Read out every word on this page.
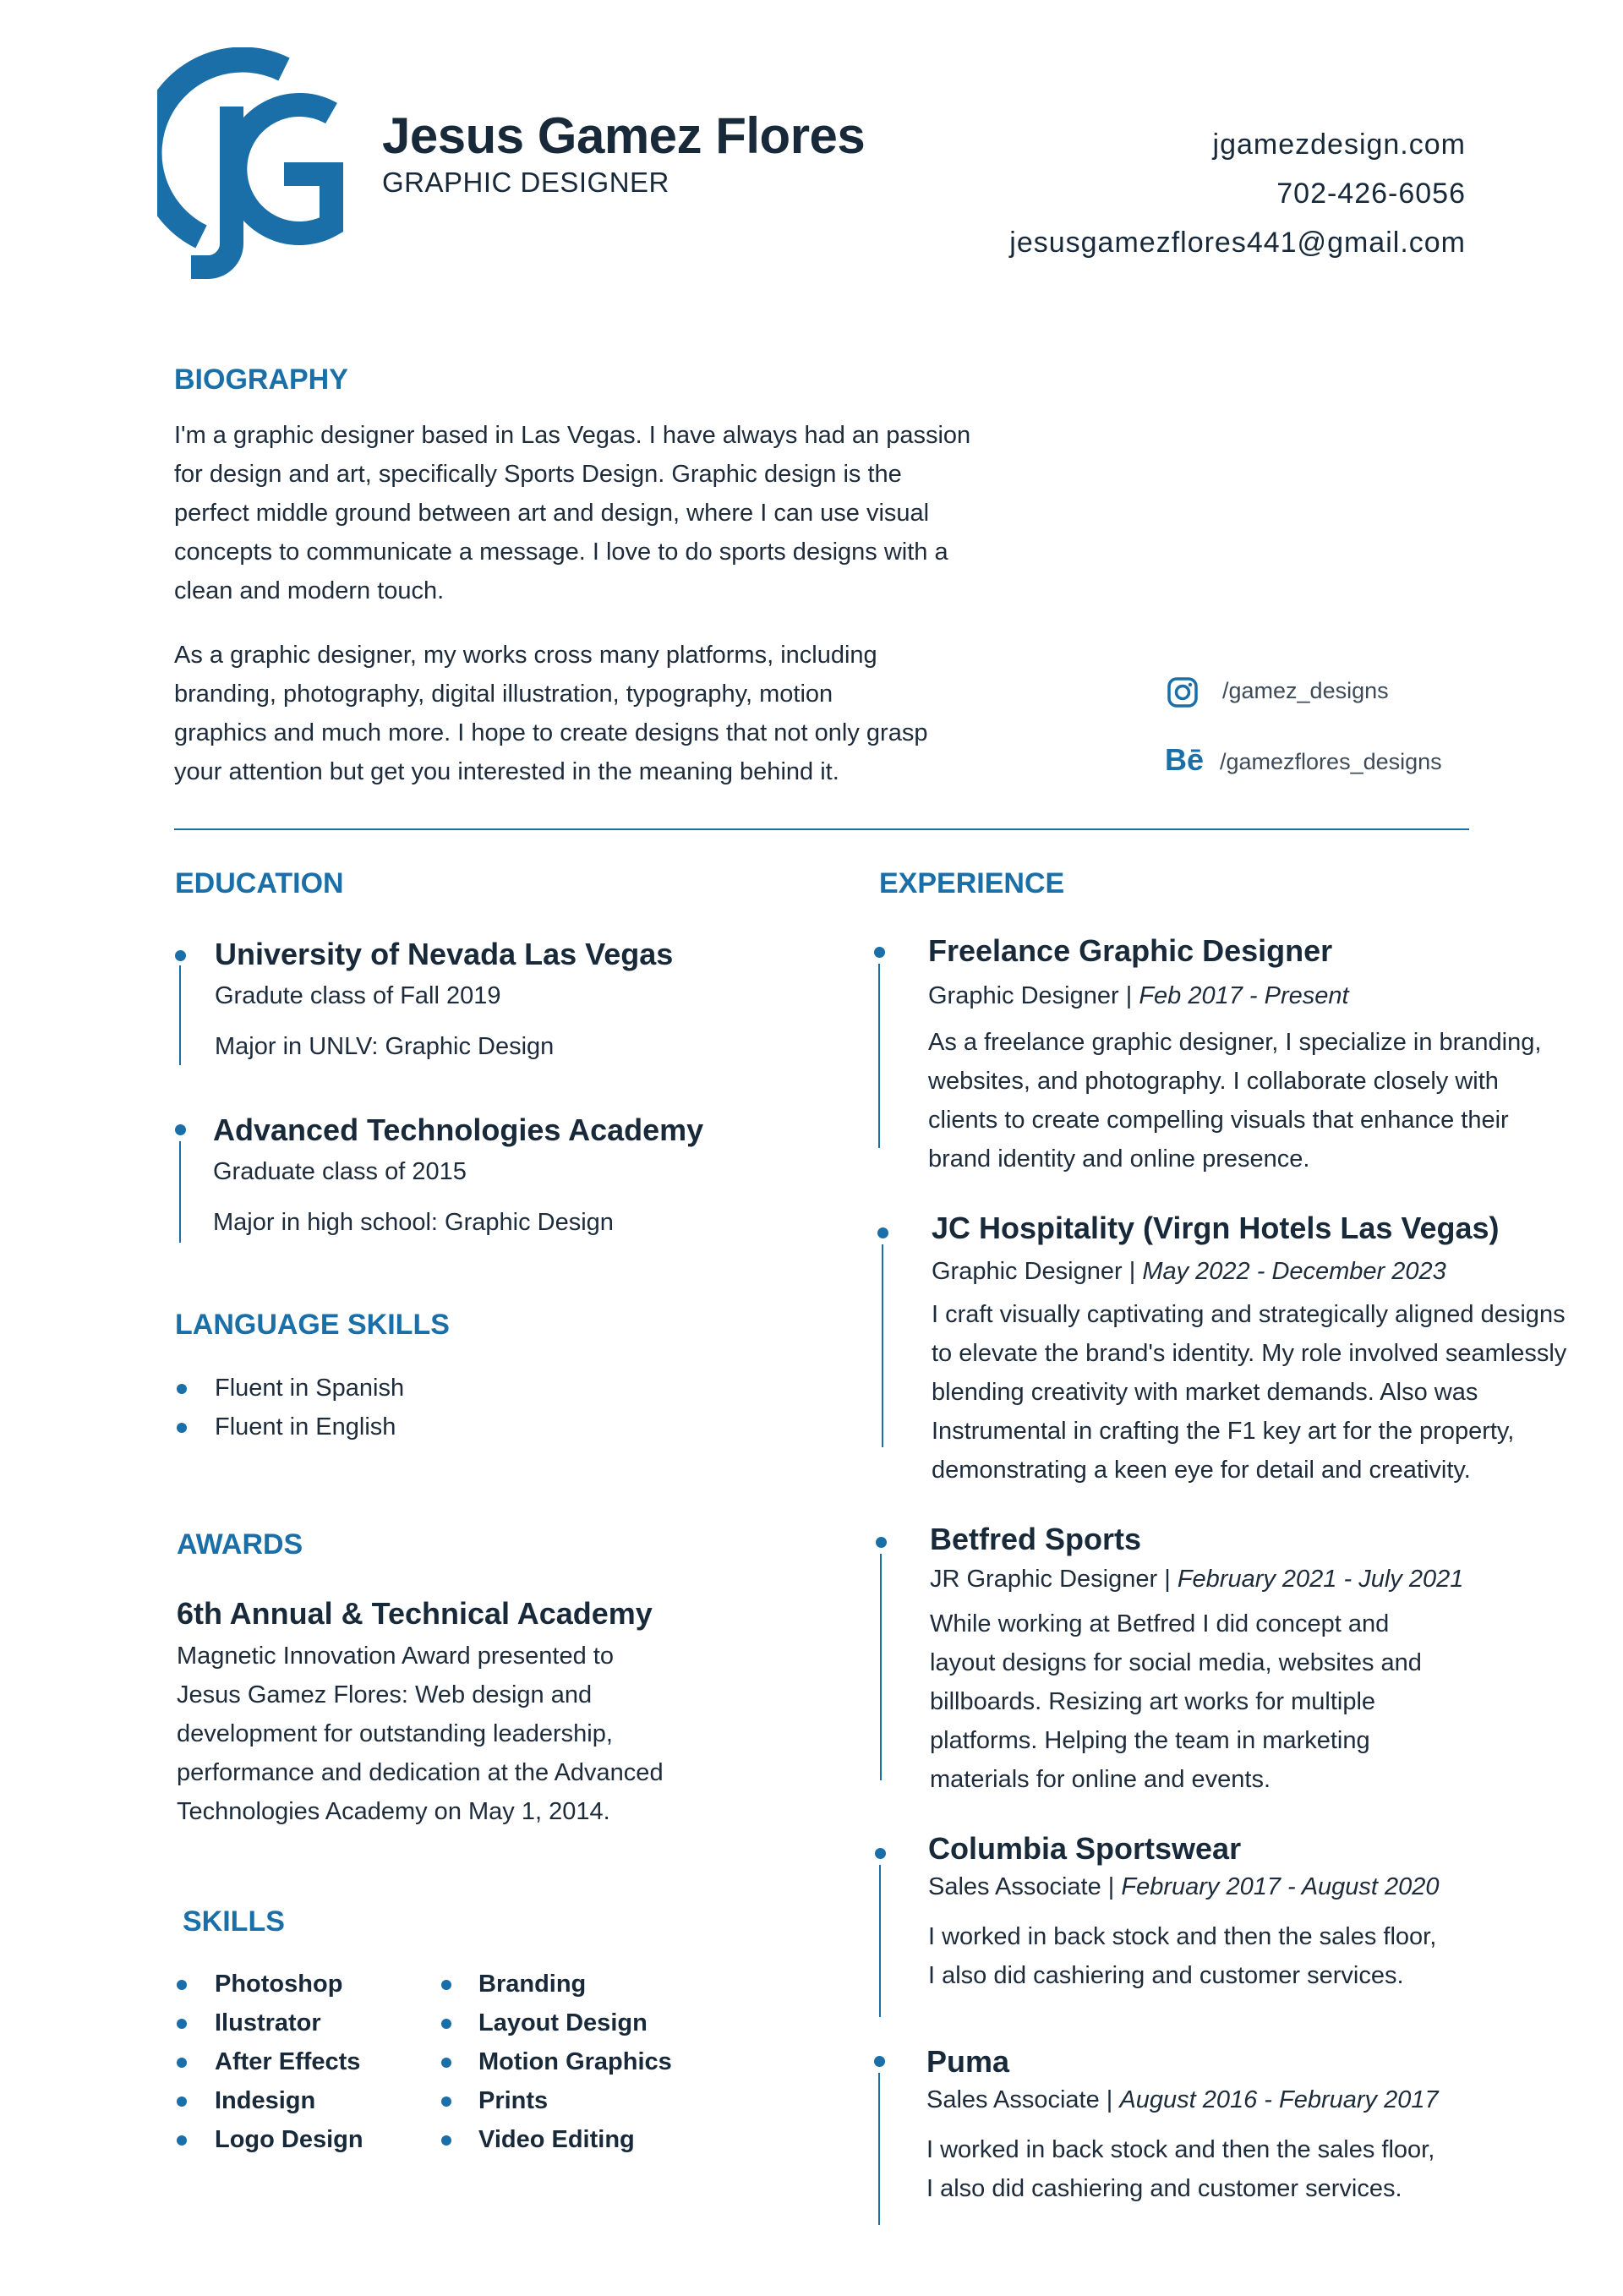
Jesus Gamez Flores
GRAPHIC DESIGNER
jgamezdesign.com
702-426-6056
jesusgamezflores441@gmail.com
BIOGRAPHY
I'm a graphic designer based in Las Vegas. I have always had an passion
for design and art, specifically Sports Design. Graphic design is the
perfect middle ground between art and design, where I can use visual
concepts to communicate a message. I love to do sports designs with a
clean and modern touch.
As a graphic designer, my works cross many platforms, including
branding, photography, digital illustration, typography, motion
graphics and much more. I hope to create designs that not only grasp
your attention but get you interested in the meaning behind it.
/gamez_designs
Bē /gamezflores_designs
EDUCATION
University of Nevada Las Vegas
Gradute class of Fall 2019
Major in UNLV: Graphic Design
Advanced Technologies Academy
Graduate class of 2015
Major in high school: Graphic Design
LANGUAGE SKILLS
Fluent in Spanish
Fluent in English
AWARDS
6th Annual & Technical Academy
Magnetic Innovation Award presented to
Jesus Gamez Flores: Web design and
development for outstanding leadership,
performance and dedication at the Advanced
Technologies Academy on May 1, 2014.
SKILLS
Photoshop
Ilustrator
After Effects
Indesign
Logo Design
Branding
Layout Design
Motion Graphics
Prints
Video Editing
EXPERIENCE
Freelance Graphic Designer
Graphic Designer | Feb 2017 - Present
As a freelance graphic designer, I specialize in branding,
websites, and photography. I collaborate closely with
clients to create compelling visuals that enhance their
brand identity and online presence.
JC Hospitality (Virgn Hotels Las Vegas)
Graphic Designer | May 2022 - December 2023
I craft visually captivating and strategically aligned designs
to elevate the brand's identity. My role involved seamlessly
blending creativity with market demands. Also was
Instrumental in crafting the F1 key art for the property,
demonstrating a keen eye for detail and creativity.
Betfred Sports
JR Graphic Designer | February 2021 - July 2021
While working at Betfred I did concept and
layout designs for social media, websites and
billboards. Resizing art works for multiple
platforms. Helping the team in marketing
materials for online and events.
Columbia Sportswear
Sales Associate | February 2017 - August 2020
I worked in back stock and then the sales floor,
I also did cashiering and customer services.
Puma
Sales Associate | August 2016 - February 2017
I worked in back stock and then the sales floor,
I also did cashiering and customer services.
